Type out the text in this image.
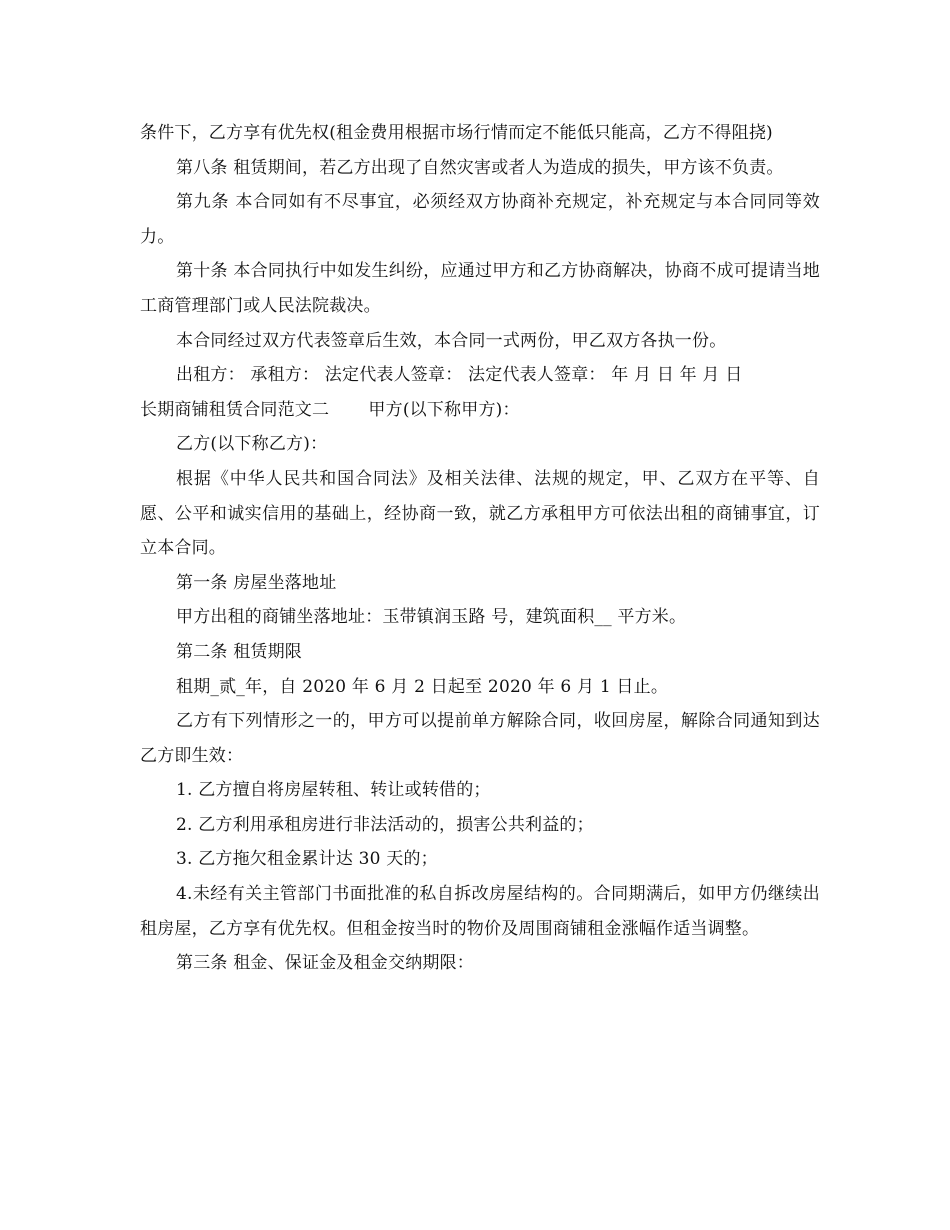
条件下，乙方享有优先权(租金费用根据市场行情而定不能低只能高，乙方不得阻挠)

第八条 租赁期间，若乙方出现了自然灾害或者人为造成的损失，甲方该不负责。

第九条 本合同如有不尽事宜，必须经双方协商补充规定，补充规定与本合同同等效力。

第十条 本合同执行中如发生纠纷，应通过甲方和乙方协商解决，协商不成可提请当地工商管理部门或人民法院裁决。

本合同经过双方代表签章后生效，本合同一式两份，甲乙双方各执一份。

出租方： 承租方： 法定代表人签章： 法定代表人签章： 年 月 日 年 月 日

长期商铺租赁合同范文二       甲方(以下称甲方)：

乙方(以下称乙方)：

根据《中华人民共和国合同法》及相关法律、法规的规定，甲、乙双方在平等、自愿、公平和诚实信用的基础上，经协商一致，就乙方承租甲方可依法出租的商铺事宜，订立本合同。

第一条 房屋坐落地址

甲方出租的商铺坐落地址：玉带镇润玉路 号，建筑面积__ 平方米。

第二条 租赁期限

租期_贰_年，自 2020 年 6 月 2 日起至 2020 年 6 月 1 日止。

乙方有下列情形之一的，甲方可以提前单方解除合同，收回房屋，解除合同通知到达乙方即生效：

1. 乙方擅自将房屋转租、转让或转借的；

2. 乙方利用承租房进行非法活动的，损害公共利益的；

3. 乙方拖欠租金累计达 30 天的；

4.未经有关主管部门书面批准的私自拆改房屋结构的。合同期满后，如甲方仍继续出租房屋，乙方享有优先权。但租金按当时的物价及周围商铺租金涨幅作适当调整。

第三条 租金、保证金及租金交纳期限：
